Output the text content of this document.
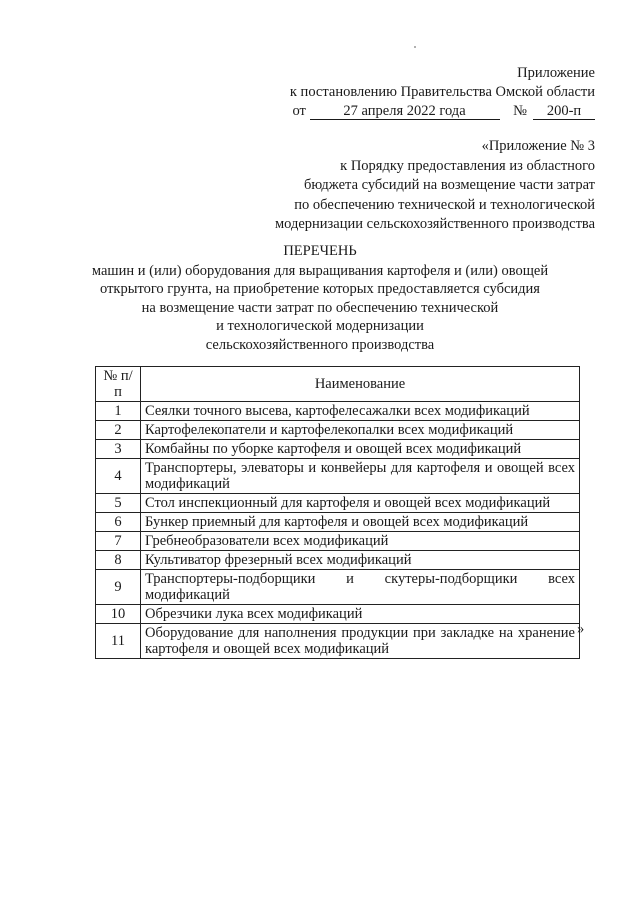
Приложение
к постановлению Правительства Омской области
от	27 апреля 2022 года	№ 200-п
«Приложение № 3
к Порядку предоставления из областного
бюджета субсидий на возмещение части затрат
по обеспечению технической и технологической
модернизации сельскохозяйственного производства
ПЕРЕЧЕНЬ
машин и (или) оборудования для выращивания картофеля и (или) овощей
открытого грунта, на приобретение которых предоставляется субсидия
на возмещение части затрат по обеспечению технической
и технологической модернизации
сельскохозяйственного производства
№ п/п	Наименование
1	Сеялки точного высева, картофелесажалки всех модификаций
2	Картофелекопатели и картофелекопалки всех модификаций
3	Комбайны по уборке картофеля и овощей всех модификаций
4	Транспортеры, элеваторы и конвейеры для картофеля и овощей всех модификаций
5	Стол инспекционный для картофеля и овощей всех модификаций
6	Бункер приемный для картофеля и овощей всех модификаций
7	Гребнеобразователи всех модификаций
8	Культиватор фрезерный всех модификаций
9	Транспортеры-подборщики и скутеры-подборщики всех модификаций
10	Обрезчики лука всех модификаций
11	Оборудование для наполнения продукции при закладке на хранение картофеля и овощей всех модификаций
»
